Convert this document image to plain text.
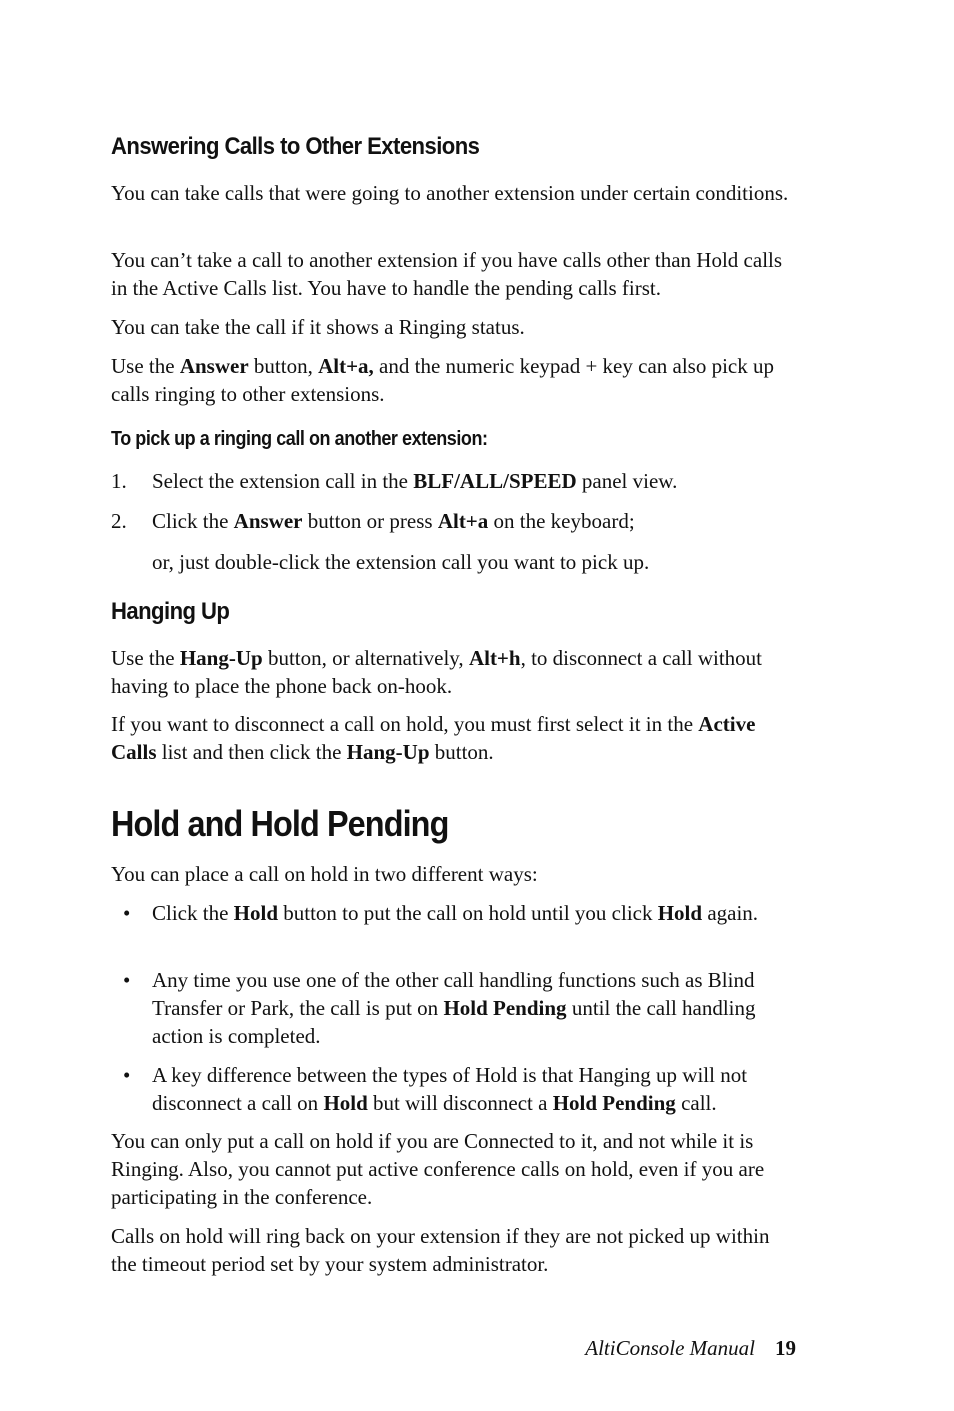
Answering Calls to Other Extensions

You can take calls that were going to another extension under certain conditions.

You can’t take a call to another extension if you have calls other than Hold calls in the Active Calls list. You have to handle the pending calls first.

You can take the call if it shows a Ringing status.

Use the Answer button, Alt+a, and the numeric keypad + key can also pick up calls ringing to other extensions.

To pick up a ringing call on another extension:
1. Select the extension call in the BLF/ALL/SPEED panel view.

2. Click the Answer button or press Alt+a on the keyboard;

or, just double-click the extension call you want to pick up.

Hanging Up

Use the Hang-Up button, or alternatively, Alt+h, to disconnect a call without having to place the phone back on-hook.

If you want to disconnect a call on hold, you must first select it in the Active Calls list and then click the Hang-Up button.

Hold and Hold Pending

You can place a call on hold in two different ways:

• Click the Hold button to put the call on hold until you click Hold again.

• Any time you use one of the other call handling functions such as Blind Transfer or Park, the call is put on Hold Pending until the call handling action is completed.

• A key difference between the types of Hold is that Hanging up will not disconnect a call on Hold but will disconnect a Hold Pending call.

You can only put a call on hold if you are Connected to it, and not while it is Ringing. Also, you cannot put active conference calls on hold, even if you are participating in the conference.

Calls on hold will ring back on your extension if they are not picked up within the timeout period set by your system administrator.

AltiConsole Manual 19
